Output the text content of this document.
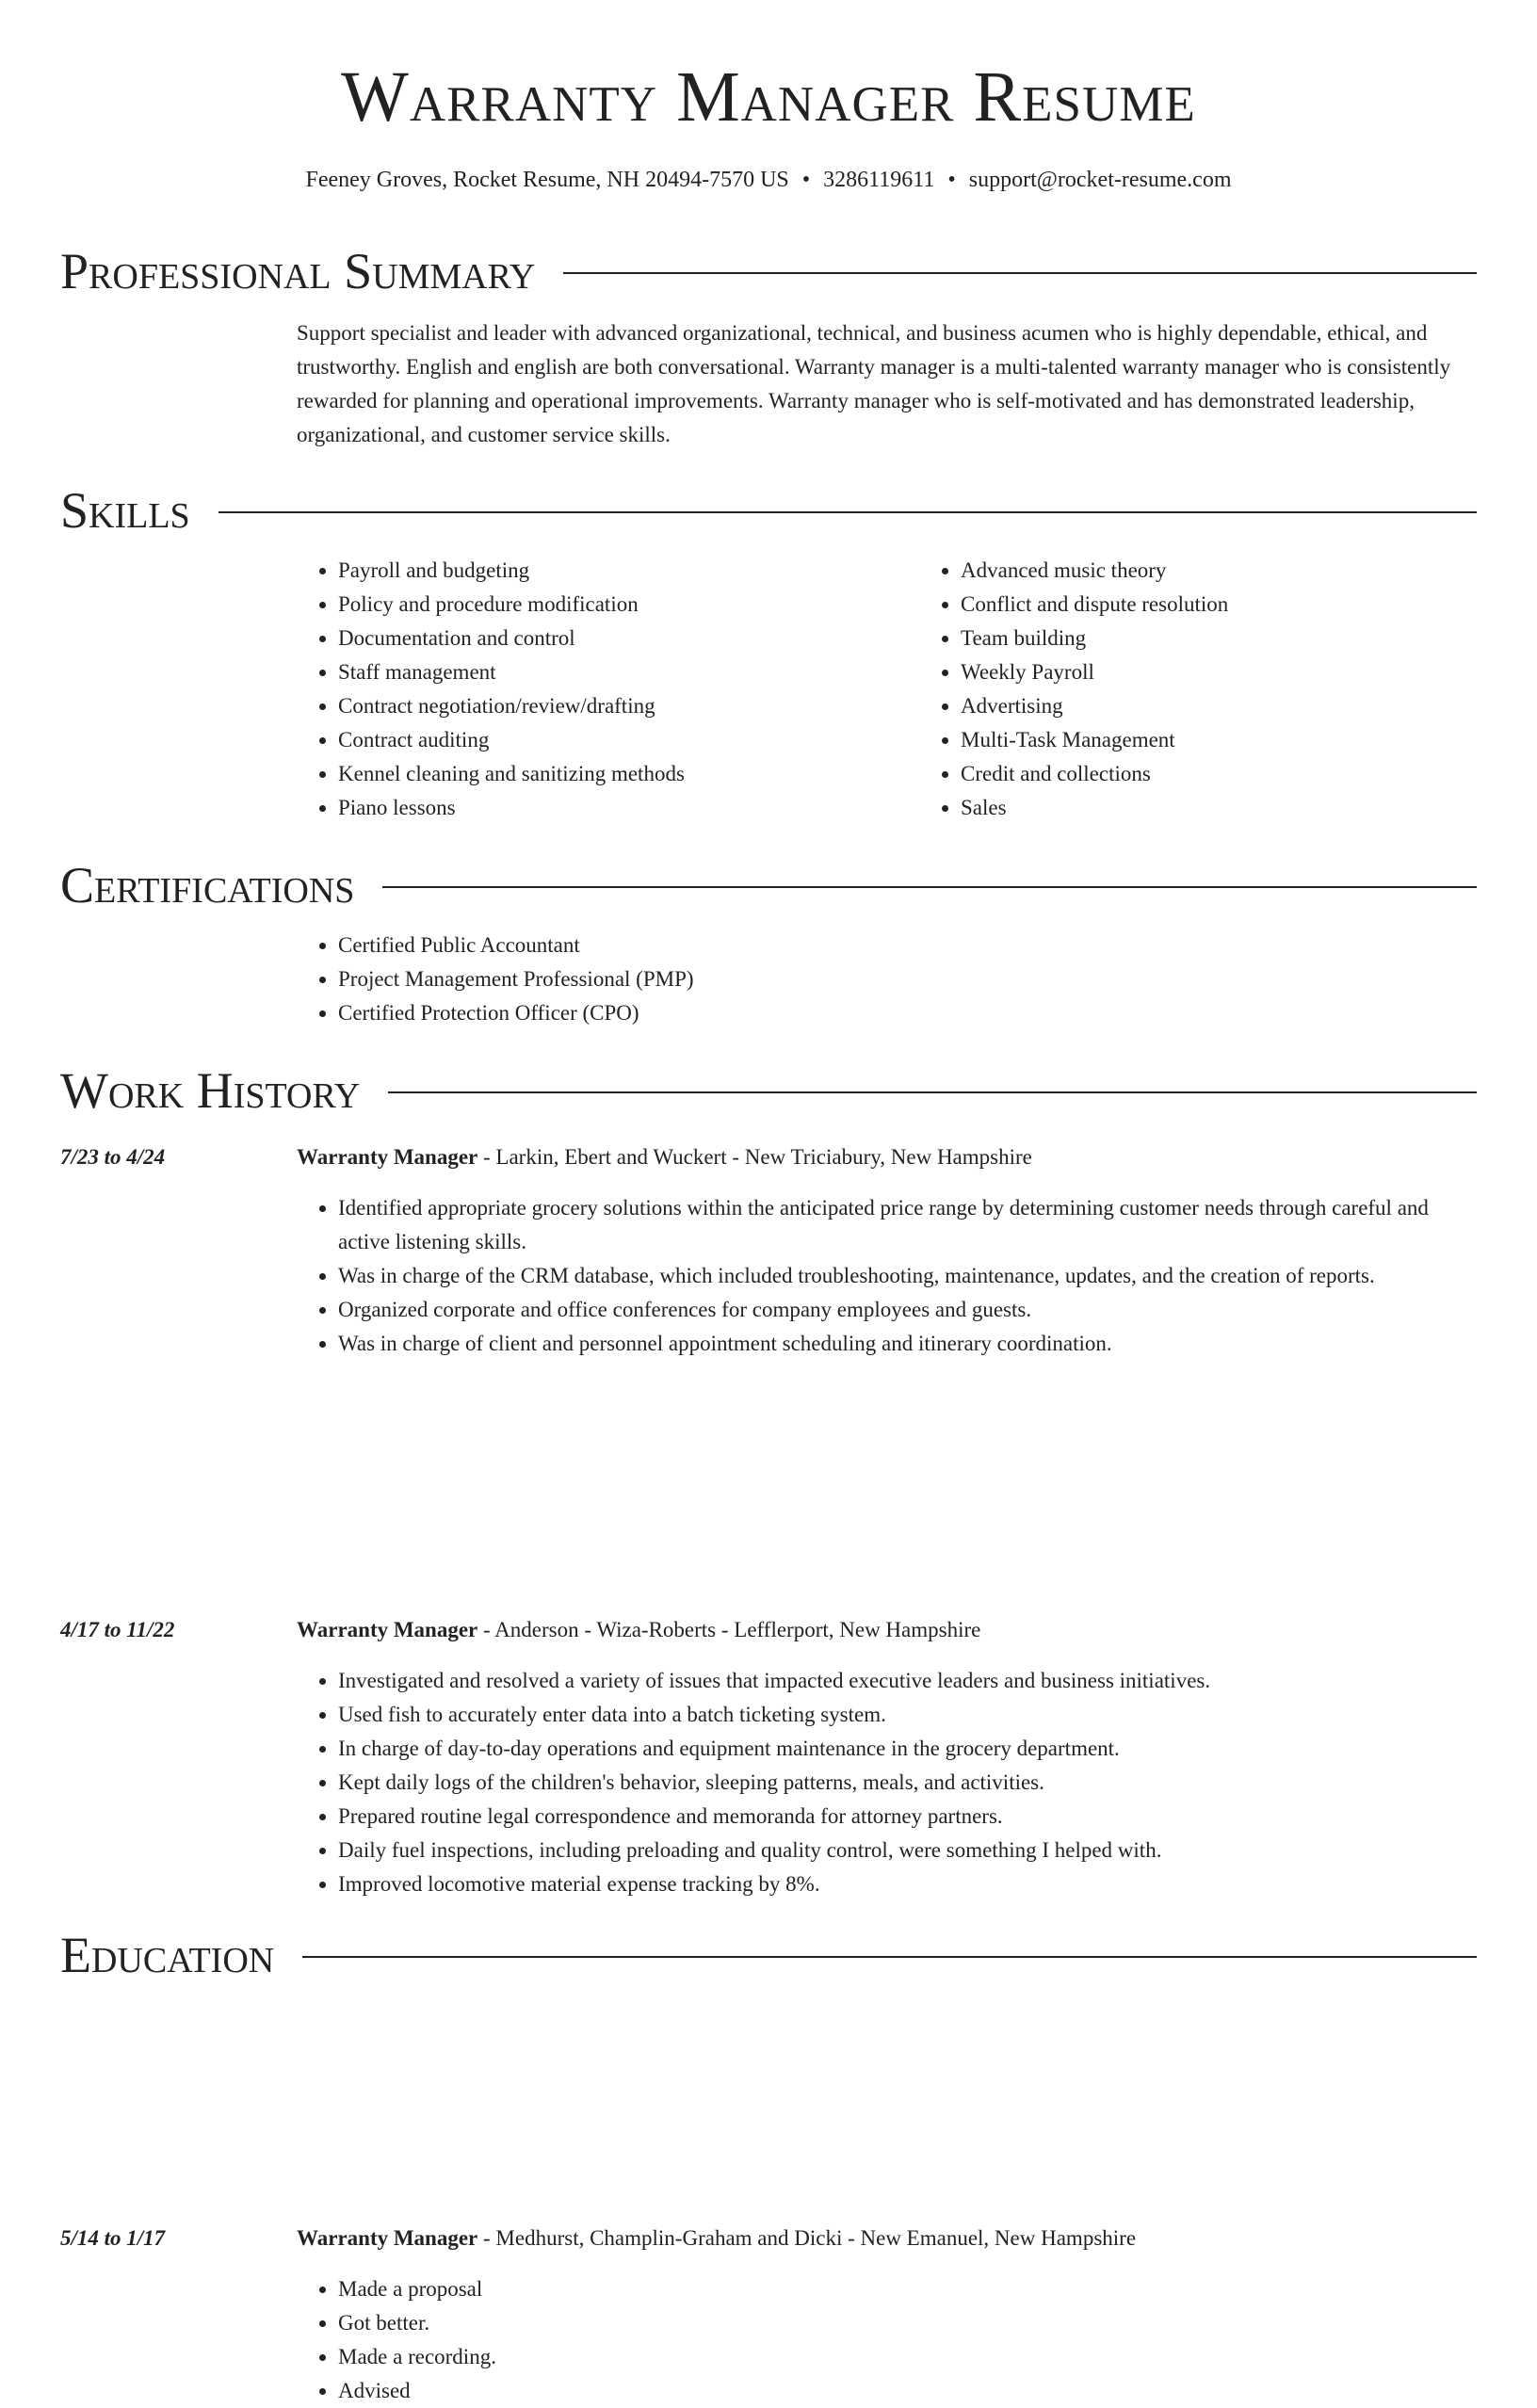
Warranty Manager Resume
Feeney Groves, Rocket Resume, NH 20494-7570 US • 3286119611 • support@rocket-resume.com
Professional Summary
Support specialist and leader with advanced organizational, technical, and business acumen who is highly dependable, ethical, and trustworthy. English and english are both conversational. Warranty manager is a multi-talented warranty manager who is consistently rewarded for planning and operational improvements. Warranty manager who is self-motivated and has demonstrated leadership, organizational, and customer service skills.
Skills
• Payroll and budgeting
• Policy and procedure modification
• Documentation and control
• Staff management
• Contract negotiation/review/drafting
• Contract auditing
• Kennel cleaning and sanitizing methods
• Piano lessons
• Advanced music theory
• Conflict and dispute resolution
• Team building
• Weekly Payroll
• Advertising
• Multi-Task Management
• Credit and collections
• Sales
Certifications
• Certified Public Accountant
• Project Management Professional (PMP)
• Certified Protection Officer (CPO)
Work History
7/23 to 4/24	Warranty Manager - Larkin, Ebert and Wuckert - New Triciabury, New Hampshire
• Identified appropriate grocery solutions within the anticipated price range by determining customer needs through careful and active listening skills.
• Was in charge of the CRM database, which included troubleshooting, maintenance, updates, and the creation of reports.
• Organized corporate and office conferences for company employees and guests.
• Was in charge of client and personnel appointment scheduling and itinerary coordination.
4/17 to 11/22	Warranty Manager - Anderson - Wiza-Roberts - Lefflerport, New Hampshire
• Investigated and resolved a variety of issues that impacted executive leaders and business initiatives.
• Used fish to accurately enter data into a batch ticketing system.
• In charge of day-to-day operations and equipment maintenance in the grocery department.
• Kept daily logs of the children's behavior, sleeping patterns, meals, and activities.
• Prepared routine legal correspondence and memoranda for attorney partners.
• Daily fuel inspections, including preloading and quality control, were something I helped with.
• Improved locomotive material expense tracking by 8%.
5/14 to 1/17	Warranty Manager - Medhurst, Champlin-Graham and Dicki - New Emanuel, New Hampshire
• Made a proposal
• Got better.
• Made a recording.
• Advised
Education
